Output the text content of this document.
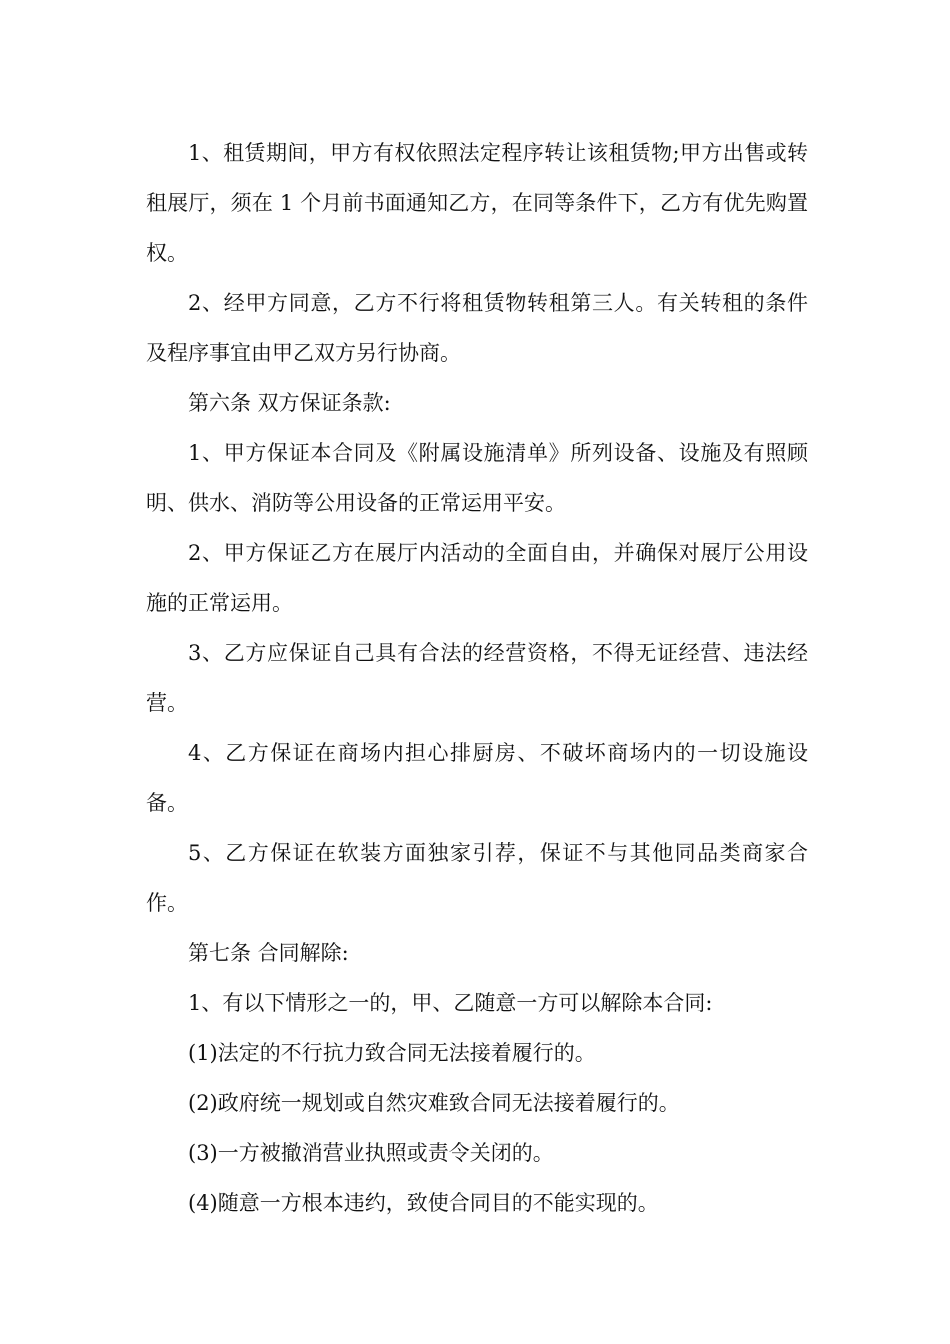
1、租赁期间，甲方有权依照法定程序转让该租赁物;甲方出售或转租展厅，须在 1 个月前书面通知乙方，在同等条件下，乙方有优先购置权。

2、经甲方同意，乙方不行将租赁物转租第三人。有关转租的条件及程序事宜由甲乙双方另行协商。

第六条 双方保证条款:

1、甲方保证本合同及《附属设施清单》所列设备、设施及有照顾明、供水、消防等公用设备的正常运用平安。

2、甲方保证乙方在展厅内活动的全面自由，并确保对展厅公用设施的正常运用。

3、乙方应保证自己具有合法的经营资格，不得无证经营、违法经营。

4、乙方保证在商场内担心排厨房、不破坏商场内的一切设施设备。

5、乙方保证在软装方面独家引荐，保证不与其他同品类商家合作。

第七条 合同解除:

1、有以下情形之一的，甲、乙随意一方可以解除本合同:

(1)法定的不行抗力致合同无法接着履行的。

(2)政府统一规划或自然灾难致合同无法接着履行的。

(3)一方被撤消营业执照或责令关闭的。

(4)随意一方根本违约，致使合同目的不能实现的。
